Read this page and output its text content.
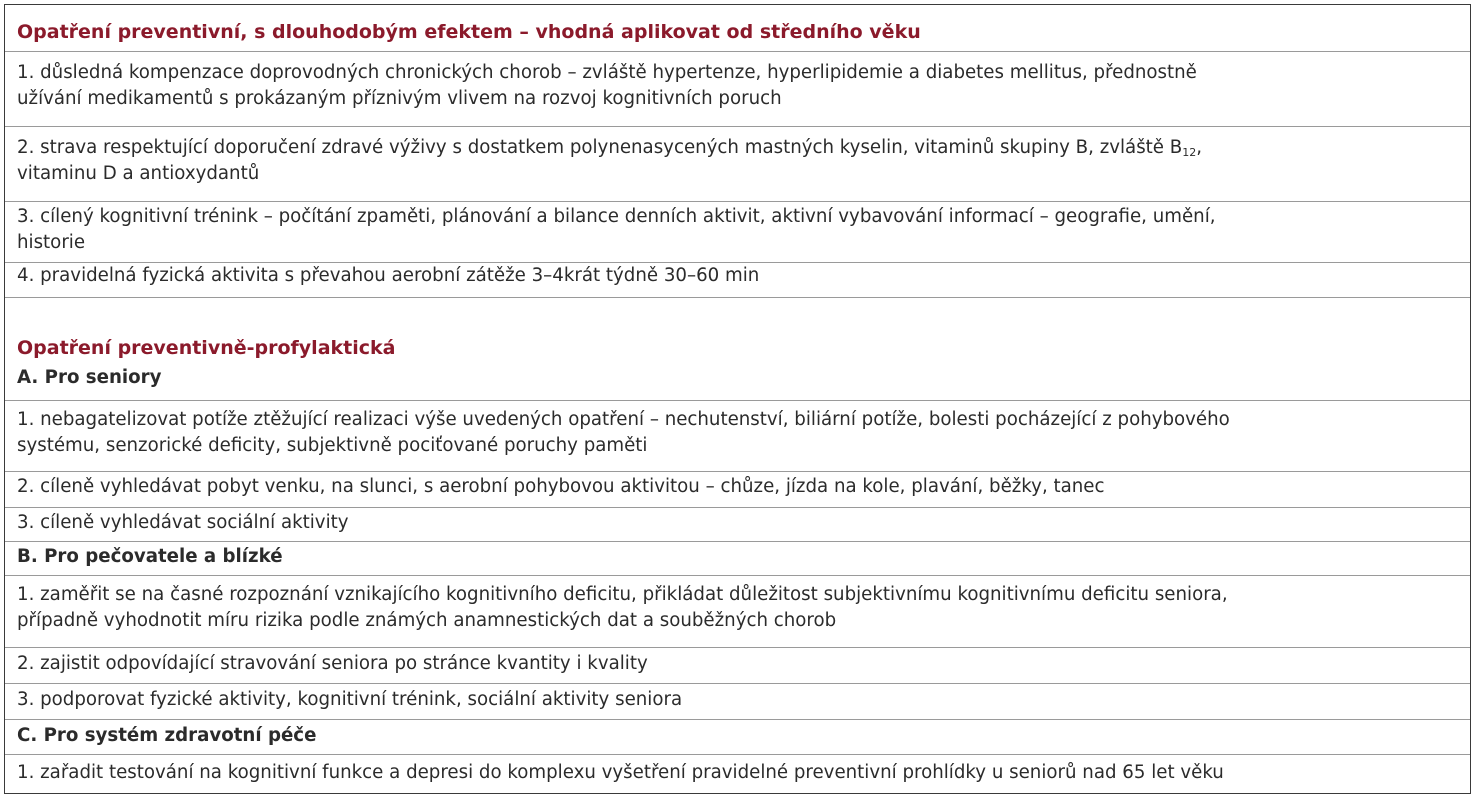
Opatření preventivní, s dlouhodobým efektem – vhodná aplikovat od středního věku
1. důsledná kompenzace doprovodných chronických chorob – zvláště hypertenze, hyperlipidemie a diabetes mellitus, přednostně
užívání medikamentů s prokázaným příznivým vlivem na rozvoj kognitivních poruch
2. strava respektující doporučení zdravé výživy s dostatkem polynenasycených mastných kyselin, vitaminů skupiny B, zvláště $B_{12}$,
vitaminu D a antioxydantů
3. cílený kognitivní trénink – počítání zpaměti, plánování a bilance denních aktivit, aktivní vybavování informací – geografie, umění,
historie
4. pravidelná fyzická aktivita s převahou aerobní zátěže 3–4krát týdně 30–60 min
Opatření preventivně-profylaktická
A. Pro seniory
1. nebagatelizovat potíže ztěžující realizaci výše uvedených opatření – nechutenství, biliární potíže, bolesti pocházející z pohybového
systému, senzorické deficity, subjektivně pociťované poruchy paměti
2. cíleně vyhledávat pobyt venku, na slunci, s aerobní pohybovou aktivitou – chůze, jízda na kole, plavání, běžky, tanec
3. cíleně vyhledávat sociální aktivity
B. Pro pečovatele a blízké
1. zaměřit se na časné rozpoznání vznikajícího kognitivního deficitu, přikládat důležitost subjektivnímu kognitivnímu deficitu seniora,
případně vyhodnotit míru rizika podle známých anamnestických dat a souběžných chorob
2. zajistit odpovídající stravování seniora po stránce kvantity i kvality
3. podporovat fyzické aktivity, kognitivní trénink, sociální aktivity seniora
C. Pro systém zdravotní péče
1. zařadit testování na kognitivní funkce a depresi do komplexu vyšetření pravidelné preventivní prohlídky u seniorů nad 65 let věku
